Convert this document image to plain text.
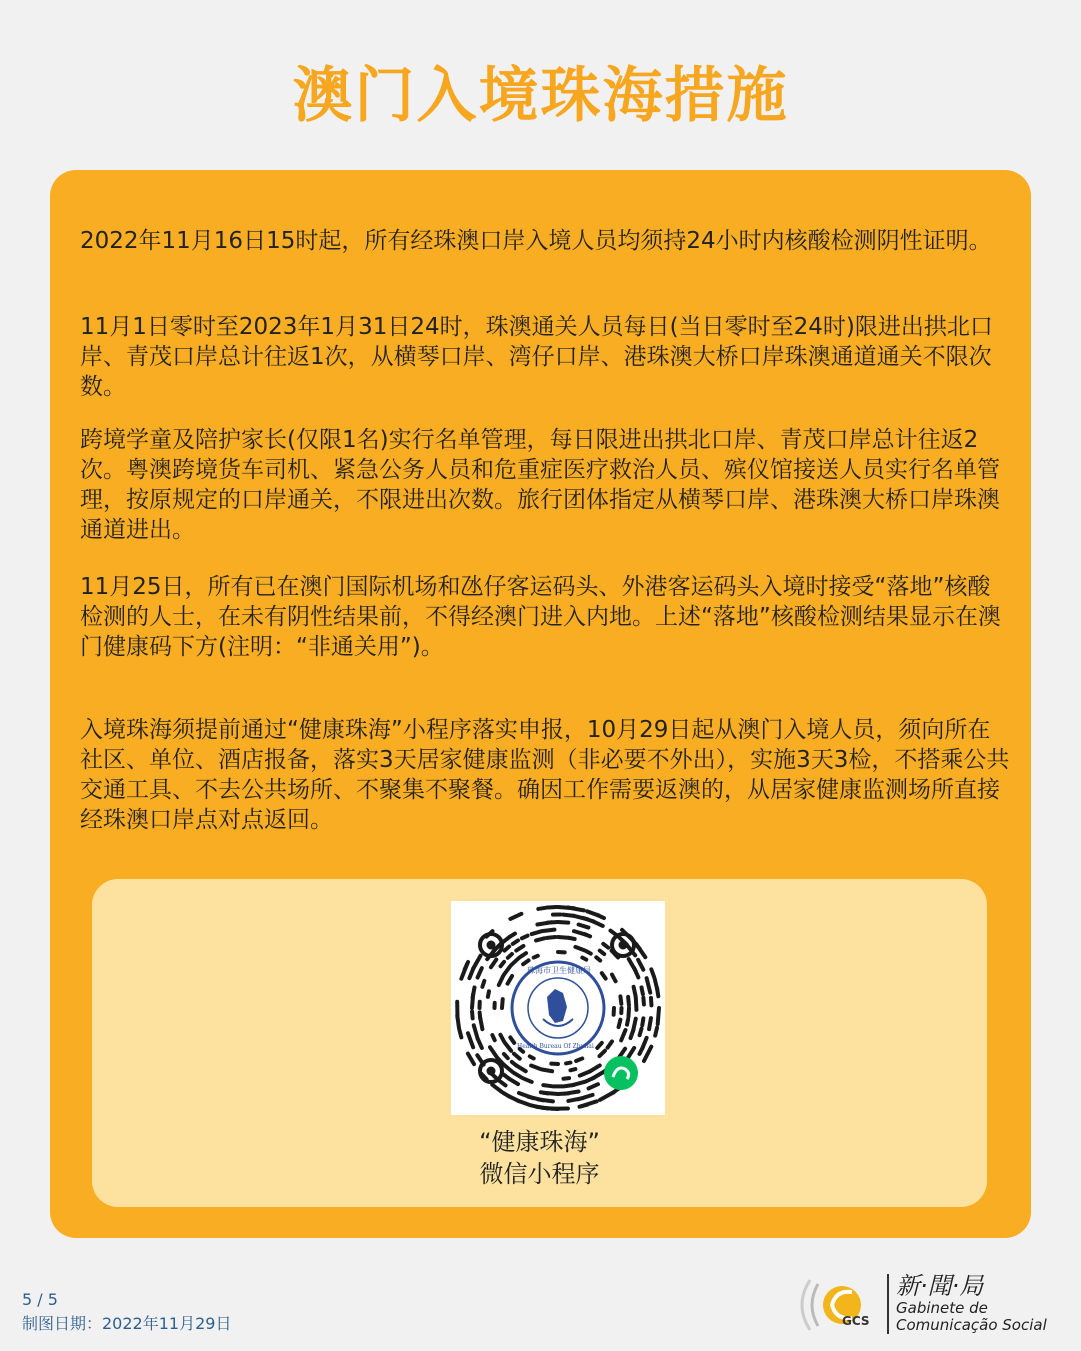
澳门入境珠海措施

2022年11月16日15时起，所有经珠澳口岸入境人员均须持24小时内核酸检测阴性证明。

11月1日零时至2023年1月31日24时，珠澳通关人员每日(当日零时至24时)限进出拱北口岸、青茂口岸总计往返1次，从横琴口岸、湾仔口岸、港珠澳大桥口岸珠澳通道通关不限次数。

跨境学童及陪护家长(仅限1名)实行名单管理，每日限进出拱北口岸、青茂口岸总计往返2次。粤澳跨境货车司机、紧急公务人员和危重症医疗救治人员、殡仪馆接送人员实行名单管理，按原规定的口岸通关，不限进出次数。旅行团体指定从横琴口岸、港珠澳大桥口岸珠澳通道进出。

11月25日，所有已在澳门国际机场和氹仔客运码头、外港客运码头入境时接受“落地”核酸检测的人士，在未有阴性结果前，不得经澳门进入内地。上述“落地”核酸检测结果显示在澳门健康码下方(注明：“非通关用”)。

入境珠海须提前通过“健康珠海”小程序落实申报，10月29日起从澳门入境人员，须向所在社区、单位、酒店报备，落实3天居家健康监测（非必要不外出），实施3天3检，不搭乘公共交通工具、不去公共场所、不聚集不聚餐。确因工作需要返澳的，从居家健康监测场所直接经珠澳口岸点对点返回。

珠海市卫生健康局
Health Bureau Of Zhuhai
“健康珠海”
微信小程序
5 / 5
制图日期：2022年11月29日	GCS
新·聞·局
Gabinete de
Comunicação Social
